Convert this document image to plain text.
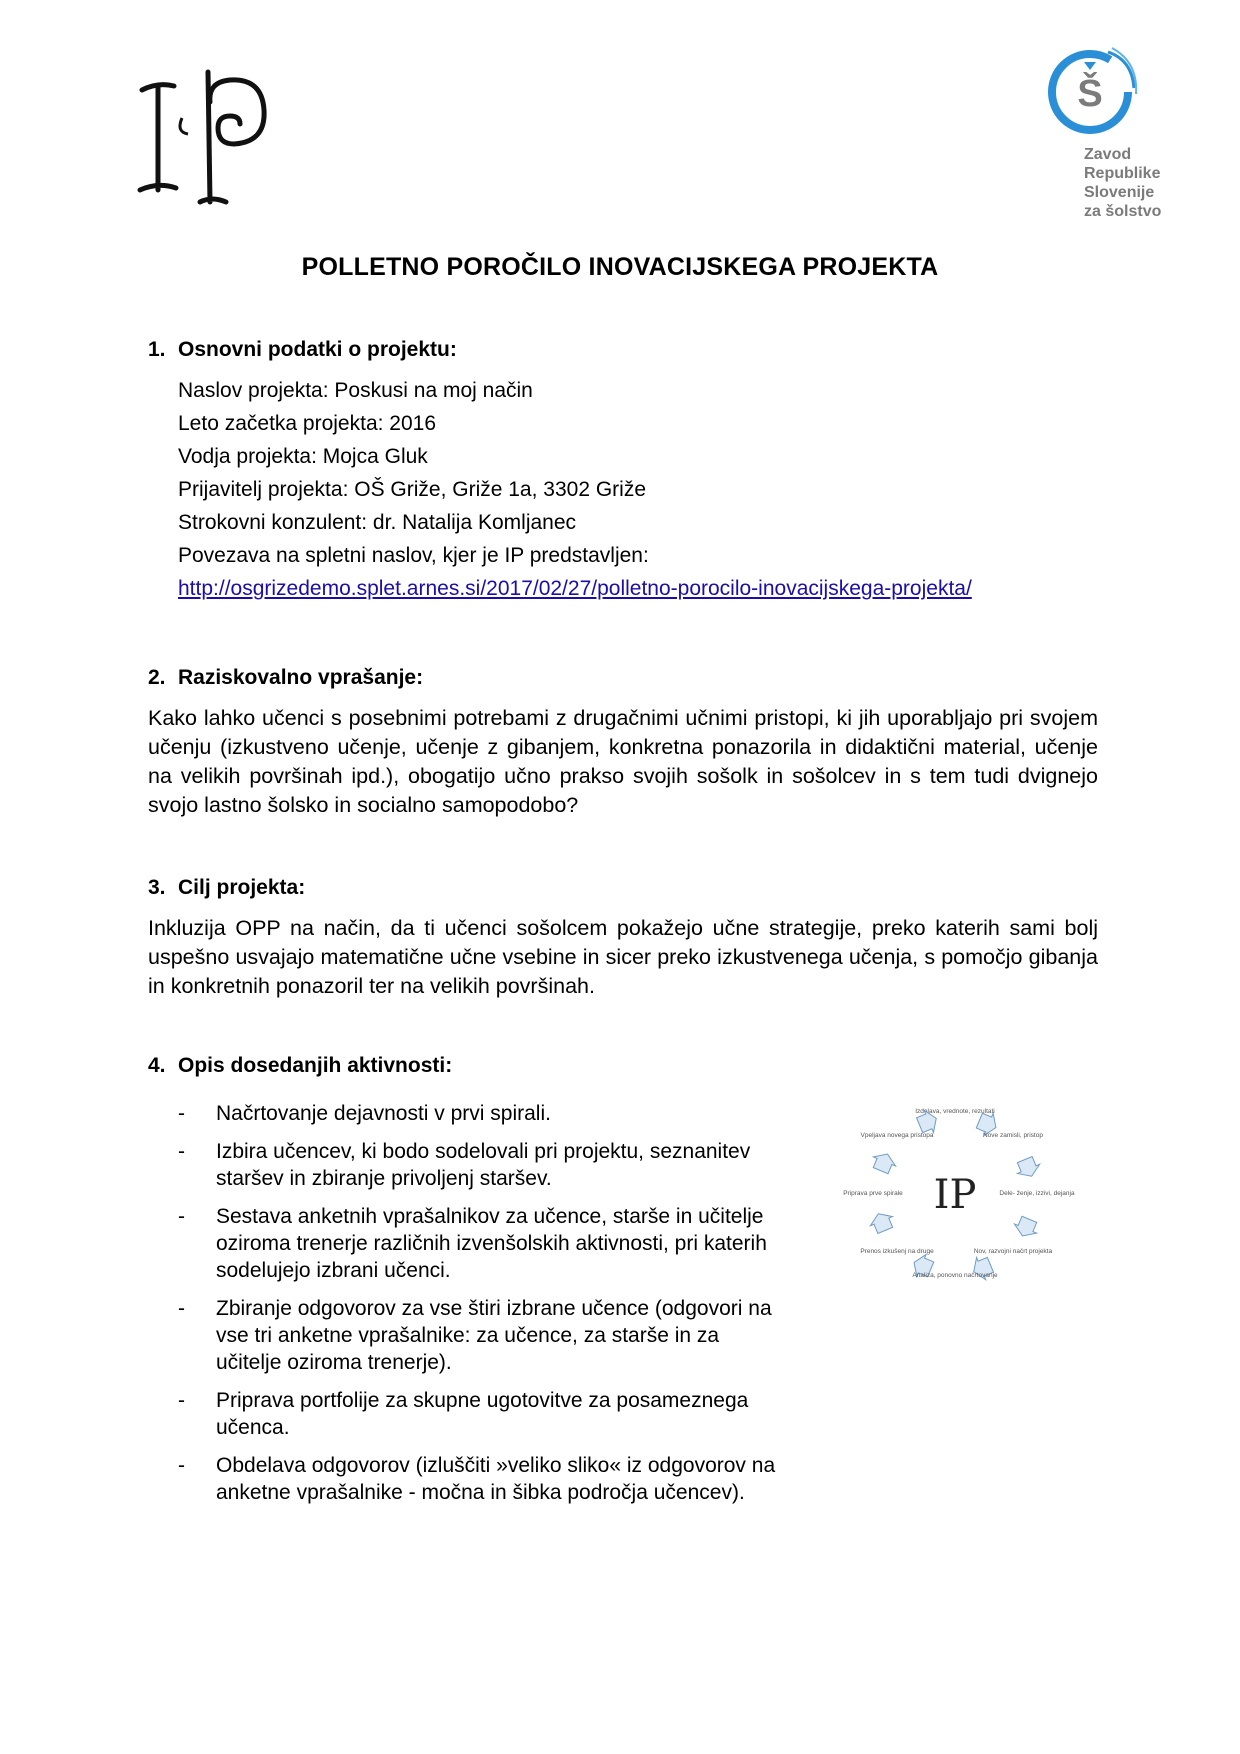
Š
Zavod
Republike
Slovenije
za šolstvo
POLLETNO POROČILO INOVACIJSKEGA PROJEKTA
1. Osnovni podatki o projektu:
Naslov projekta: Poskusi na moj način
Leto začetka projekta: 2016
Vodja projekta: Mojca Gluk
Prijavitelj projekta: OŠ Griže, Griže 1a, 3302 Griže
Strokovni konzulent: dr. Natalija Komljanec
Povezava na spletni naslov, kjer je IP predstavljen:
http://osgrizedemo.splet.arnes.si/2017/02/27/polletno-porocilo-inovacijskega-projekta/
2. Raziskovalno vprašanje:
Kako lahko učenci s posebnimi potrebami z drugačnimi učnimi pristopi, ki jih uporabljajo pri svojem učenju (izkustveno učenje, učenje z gibanjem, konkretna ponazorila in didaktični material, učenje na velikih površinah ipd.), obogatijo učno prakso svojih sošolk in sošolcev in s tem tudi dvignejo svojo lastno šolsko in socialno samopodobo?
3. Cilj projekta:
Inkluzija OPP na način, da ti učenci sošolcem pokažejo učne strategije, preko katerih sami bolj uspešno usvajajo matematične učne vsebine in sicer preko izkustvenega učenja, s pomočjo gibanja in konkretnih ponazoril ter na velikih površinah.
4. Opis dosedanjih aktivnosti:
- Načrtovanje dejavnosti v prvi spirali.
- Izbira učencev, ki bodo sodelovali pri projektu, seznanitev staršev in zbiranje privoljenj staršev.
- Sestava anketnih vprašalnikov za učence, starše in učitelje oziroma trenerje različnih izvenšolskih aktivnosti, pri katerih sodelujejo izbrani učenci.
- Zbiranje odgovorov za vse štiri izbrane učence (odgovori na vse tri anketne vprašalnike: za učence, za starše in za učitelje oziroma trenerje).
- Priprava portfolije za skupne ugotovitve za posameznega učenca.
- Obdelava odgovorov (izluščiti »veliko sliko« iz odgovorov na anketne vprašalnike - močna in šibka področja učencev).
IP
Izdelava, vrednote, rezultati
Nove zamisli, pristop
Dele- ženje, izzivi, dejanja
Nov, razvojni načrt projekta
Analiza, ponovno načrtovanje
Prenos izkušenj na druge
Priprava prve spirale
Vpeljava novega pristopa
